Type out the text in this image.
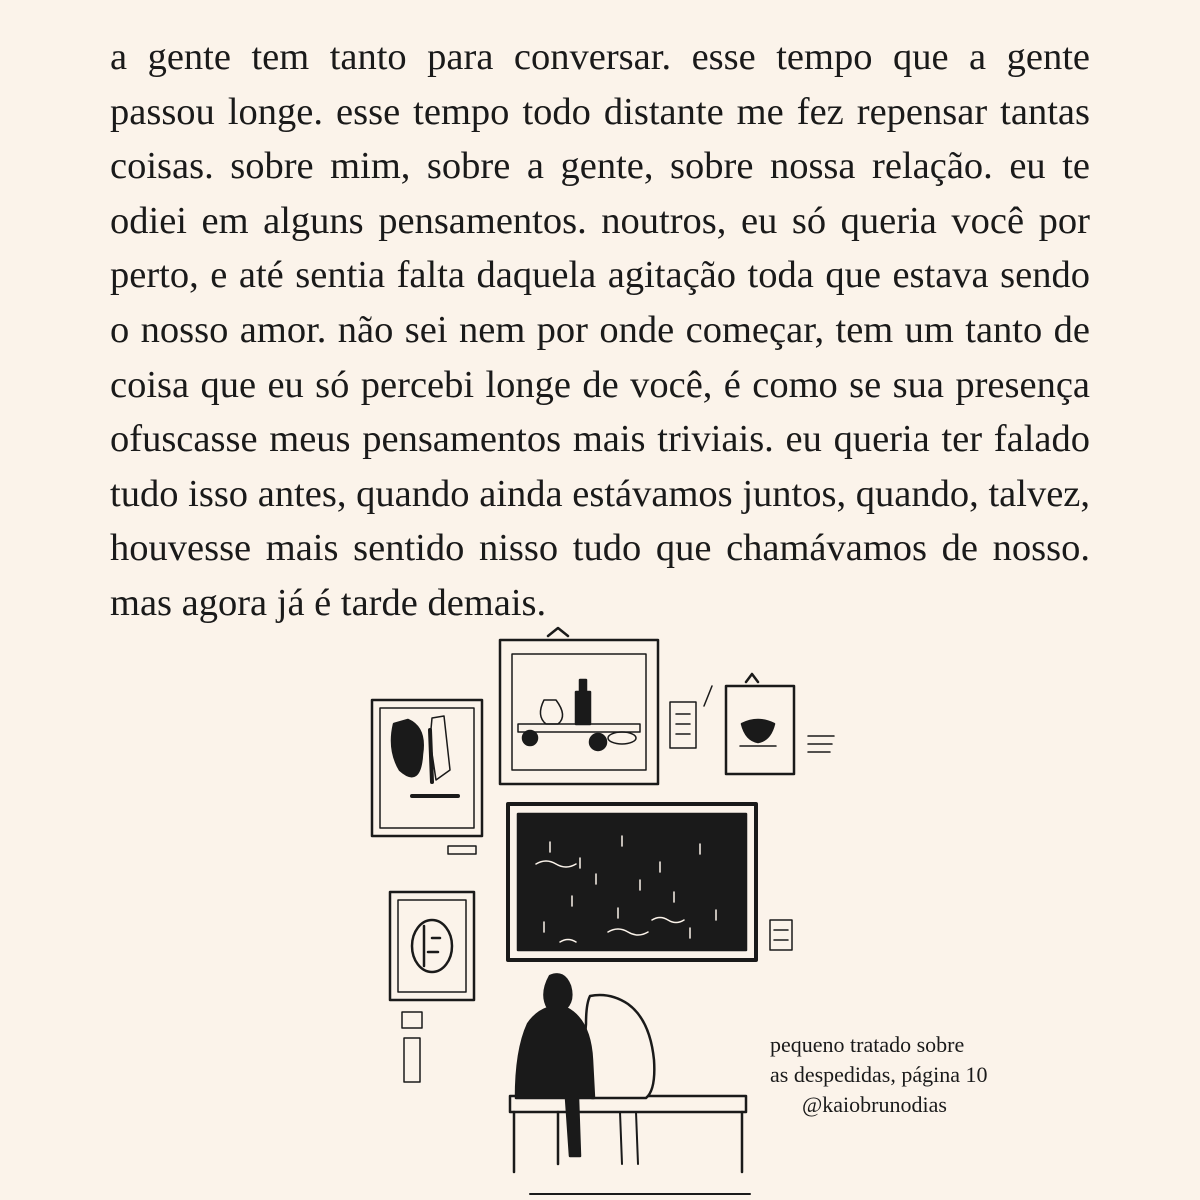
a gente tem tanto para conversar. esse tempo que a gente passou longe. esse tempo todo distante me fez repensar tantas coisas. sobre mim, sobre a gente, sobre nossa relação. eu te odiei em alguns pensamentos. noutros, eu só queria você por perto, e até sentia falta daquela agitação toda que estava sendo o nosso amor. não sei nem por onde começar, tem um tanto de coisa que eu só percebi longe de você, é como se sua presença ofuscasse meus pensamentos mais triviais. eu queria ter falado tudo isso antes, quando ainda estávamos juntos, quando, talvez, houvesse mais sentido nisso tudo que chamávamos de nosso. mas agora já é tarde demais.

pequeno tratado sobre
as despedidas, página 10
@kaiobrunodias
